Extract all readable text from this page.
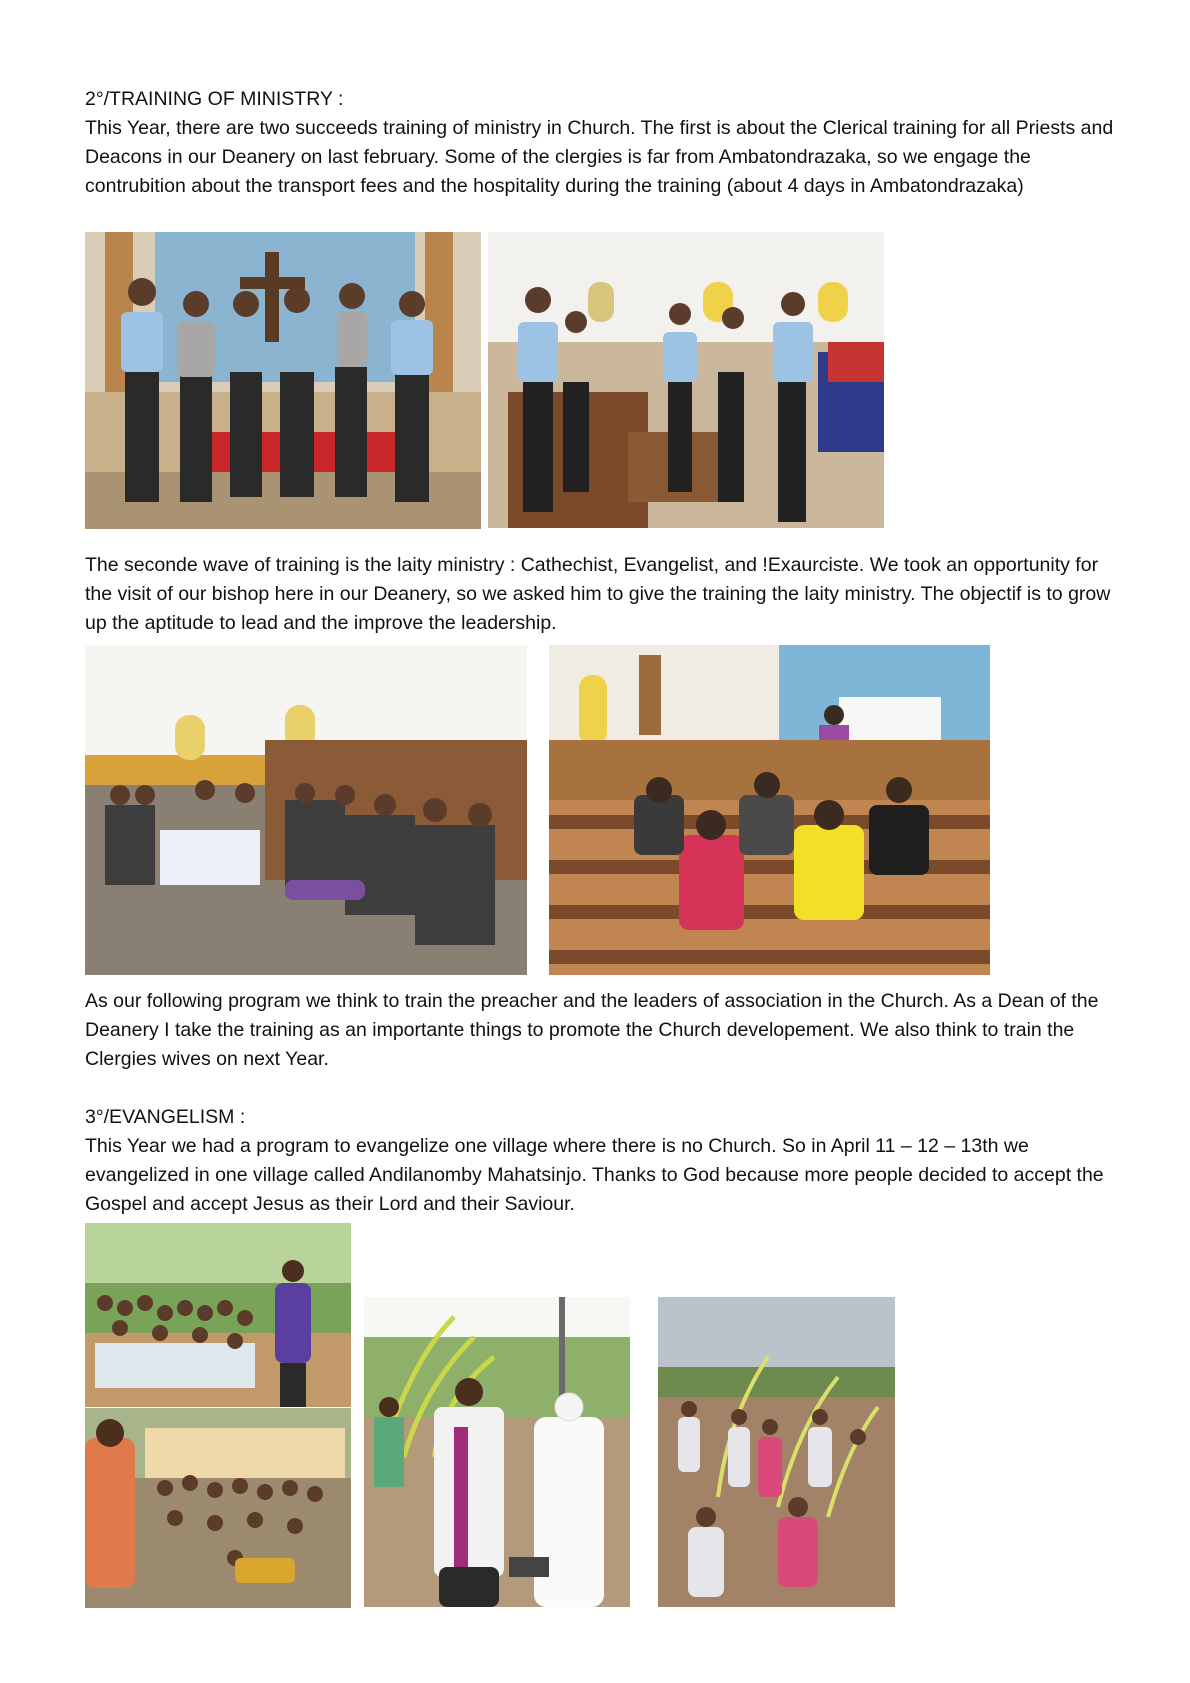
2°/TRAINING OF MINISTRY :

This Year, there are two succeeds training of ministry in Church. The first is about the Clerical training for all Priests and Deacons in our Deanery on last february. Some of the clergies is far from Ambatondrazaka, so we engage the contrubition about the transport fees and the hospitality during the training (about 4 days in Ambatondrazaka)

The seconde wave of training is the laity ministry : Cathechist, Evangelist, and !Exaurciste. We took an opportunity for the visit of our bishop here in our Deanery, so we asked him to give the training the laity ministry. The objectif is to grow up the aptitude to lead and the improve the leadership.

As our following program we think to train the preacher and the leaders of association in the Church. As a Dean of the Deanery I take the training as an importante things to promote the Church developement. We also think to train the Clergies wives on next Year.

3°/EVANGELISM :

This Year we had a program to evangelize one village where there is no Church. So in April 11 – 12 – 13th we evangelized in one village called Andilanomby Mahatsinjo. Thanks to God because more people decided to accept the Gospel and accept Jesus as their Lord and their Saviour.
